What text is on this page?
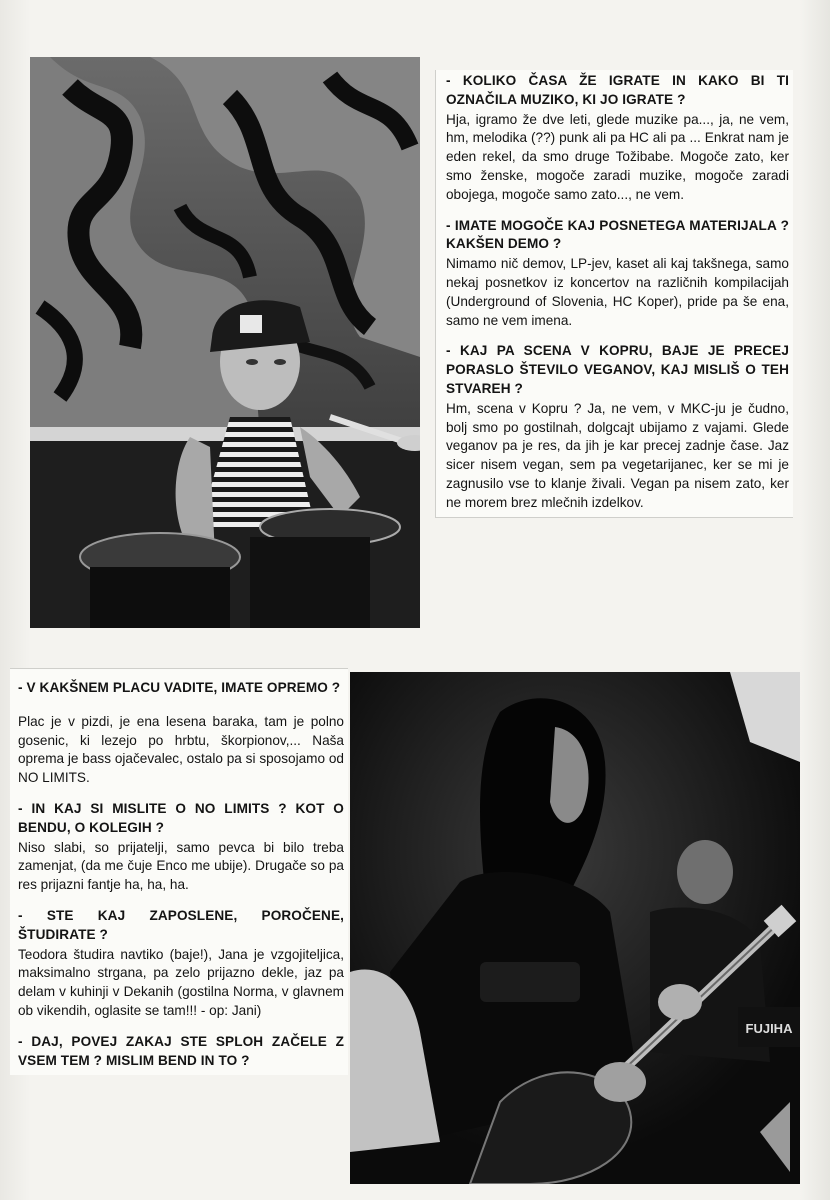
- KOLIKO ČASA ŽE IGRATE IN KAKO BI TI OZNAČILA MUZIKO, KI JO IGRATE ?

Hja, igramo že dve leti, glede muzike pa..., ja, ne vem, hm, melodika (??) punk ali pa HC ali pa ... Enkrat nam je eden rekel, da smo druge Tožibabe. Mogoče zato, ker smo ženske, mogoče zaradi muzike, mogoče zaradi obojega, mogoče samo zato..., ne vem.

- IMATE MOGOČE KAJ POSNETEGA MATERIJALA ? KAKŠEN DEMO ?

Nimamo nič demov, LP-jev, kaset ali kaj takšnega, samo nekaj posnetkov iz koncertov na različnih kompilacijah (Underground of Slovenia, HC Koper), pride pa še ena, samo ne vem imena.

- KAJ PA SCENA V KOPRU, BAJE JE PRECEJ PORASLO ŠTEVILO VEGANOV, KAJ MISLIŠ O TEH STVAREH ?

Hm, scena v Kopru ? Ja, ne vem, v MKC-ju je čudno, bolj smo po gostilnah, dolgcajt ubijamo z vajami. Glede veganov pa je res, da jih je kar precej zadnje čase. Jaz sicer nisem vegan, sem pa vegetarijanec, ker se mi je zagnusilo vse to klanje živali. Vegan pa nisem zato, ker ne morem brez mlečnih izdelkov.

- V KAKŠNEM PLACU VADITE, IMATE OPREMO ?

Plac je v pizdi, je ena lesena baraka, tam je polno gosenic, ki lezejo po hrbtu, škorpionov,... Naša oprema je bass ojačevalec, ostalo pa si sposojamo od NO LIMITS.

- IN KAJ SI MISLITE O NO LIMITS ? KOT O BENDU, O KOLEGIH ?

Niso slabi, so prijatelji, samo pevca bi bilo treba zamenjat, (da me čuje Enco me ubije). Drugače so pa res prijazni fantje ha, ha, ha.

- STE KAJ ZAPOSLENE, POROČENE, ŠTUDIRATE ?

Teodora študira navtiko (baje!), Jana je vzgojiteljica, maksimalno strgana, pa zelo prijazno dekle, jaz pa delam v kuhinji v Dekanih (gostilna Norma, v glavnem ob vikendih, oglasite se tam!!! - op: Jani)

- DAJ, POVEJ ZAKAJ STE SPLOH ZAČELE Z VSEM TEM ? MISLIM BEND IN TO ?

FUJIHA
